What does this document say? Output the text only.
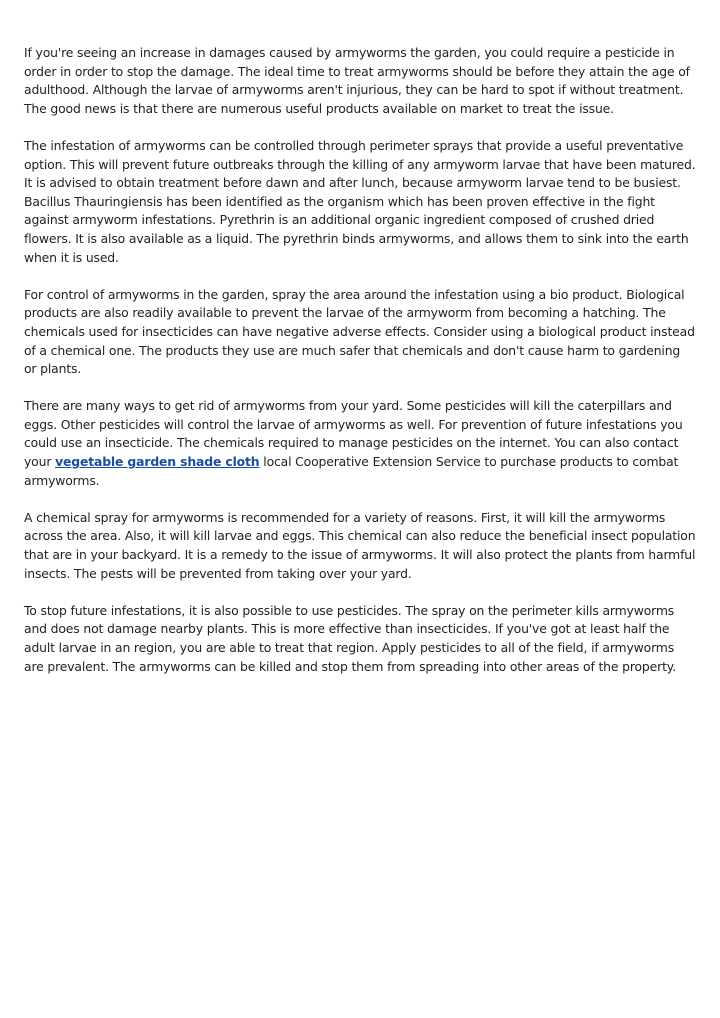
If you're seeing an increase in damages caused by armyworms the garden, you could require a pesticide in order in order to stop the damage. The ideal time to treat armyworms should be before they attain the age of adulthood. Although the larvae of armyworms aren't injurious, they can be hard to spot if without treatment. The good news is that there are numerous useful products available on market to treat the issue.

The infestation of armyworms can be controlled through perimeter sprays that provide a useful preventative option. This will prevent future outbreaks through the killing of any armyworm larvae that have been matured. It is advised to obtain treatment before dawn and after lunch, because armyworm larvae tend to be busiest. Bacillus Thauringiensis has been identified as the organism which has been proven effective in the fight against armyworm infestations. Pyrethrin is an additional organic ingredient composed of crushed dried flowers. It is also available as a liquid. The pyrethrin binds armyworms, and allows them to sink into the earth when it is used.

For control of armyworms in the garden, spray the area around the infestation using a bio product. Biological products are also readily available to prevent the larvae of the armyworm from becoming a hatching. The chemicals used for insecticides can have negative adverse effects. Consider using a biological product instead of a chemical one. The products they use are much safer that chemicals and don't cause harm to gardening or plants.

There are many ways to get rid of armyworms from your yard. Some pesticides will kill the caterpillars and eggs. Other pesticides will control the larvae of armyworms as well. For prevention of future infestations you could use an insecticide. The chemicals required to manage pesticides on the internet. You can also contact your vegetable garden shade cloth local Cooperative Extension Service to purchase products to combat armyworms.

A chemical spray for armyworms is recommended for a variety of reasons. First, it will kill the armyworms across the area. Also, it will kill larvae and eggs. This chemical can also reduce the beneficial insect population that are in your backyard. It is a remedy to the issue of armyworms. It will also protect the plants from harmful insects. The pests will be prevented from taking over your yard.

To stop future infestations, it is also possible to use pesticides. The spray on the perimeter kills armyworms and does not damage nearby plants. This is more effective than insecticides. If you've got at least half the adult larvae in an region, you are able to treat that region. Apply pesticides to all of the field, if armyworms are prevalent. The armyworms can be killed and stop them from spreading into other areas of the property.
